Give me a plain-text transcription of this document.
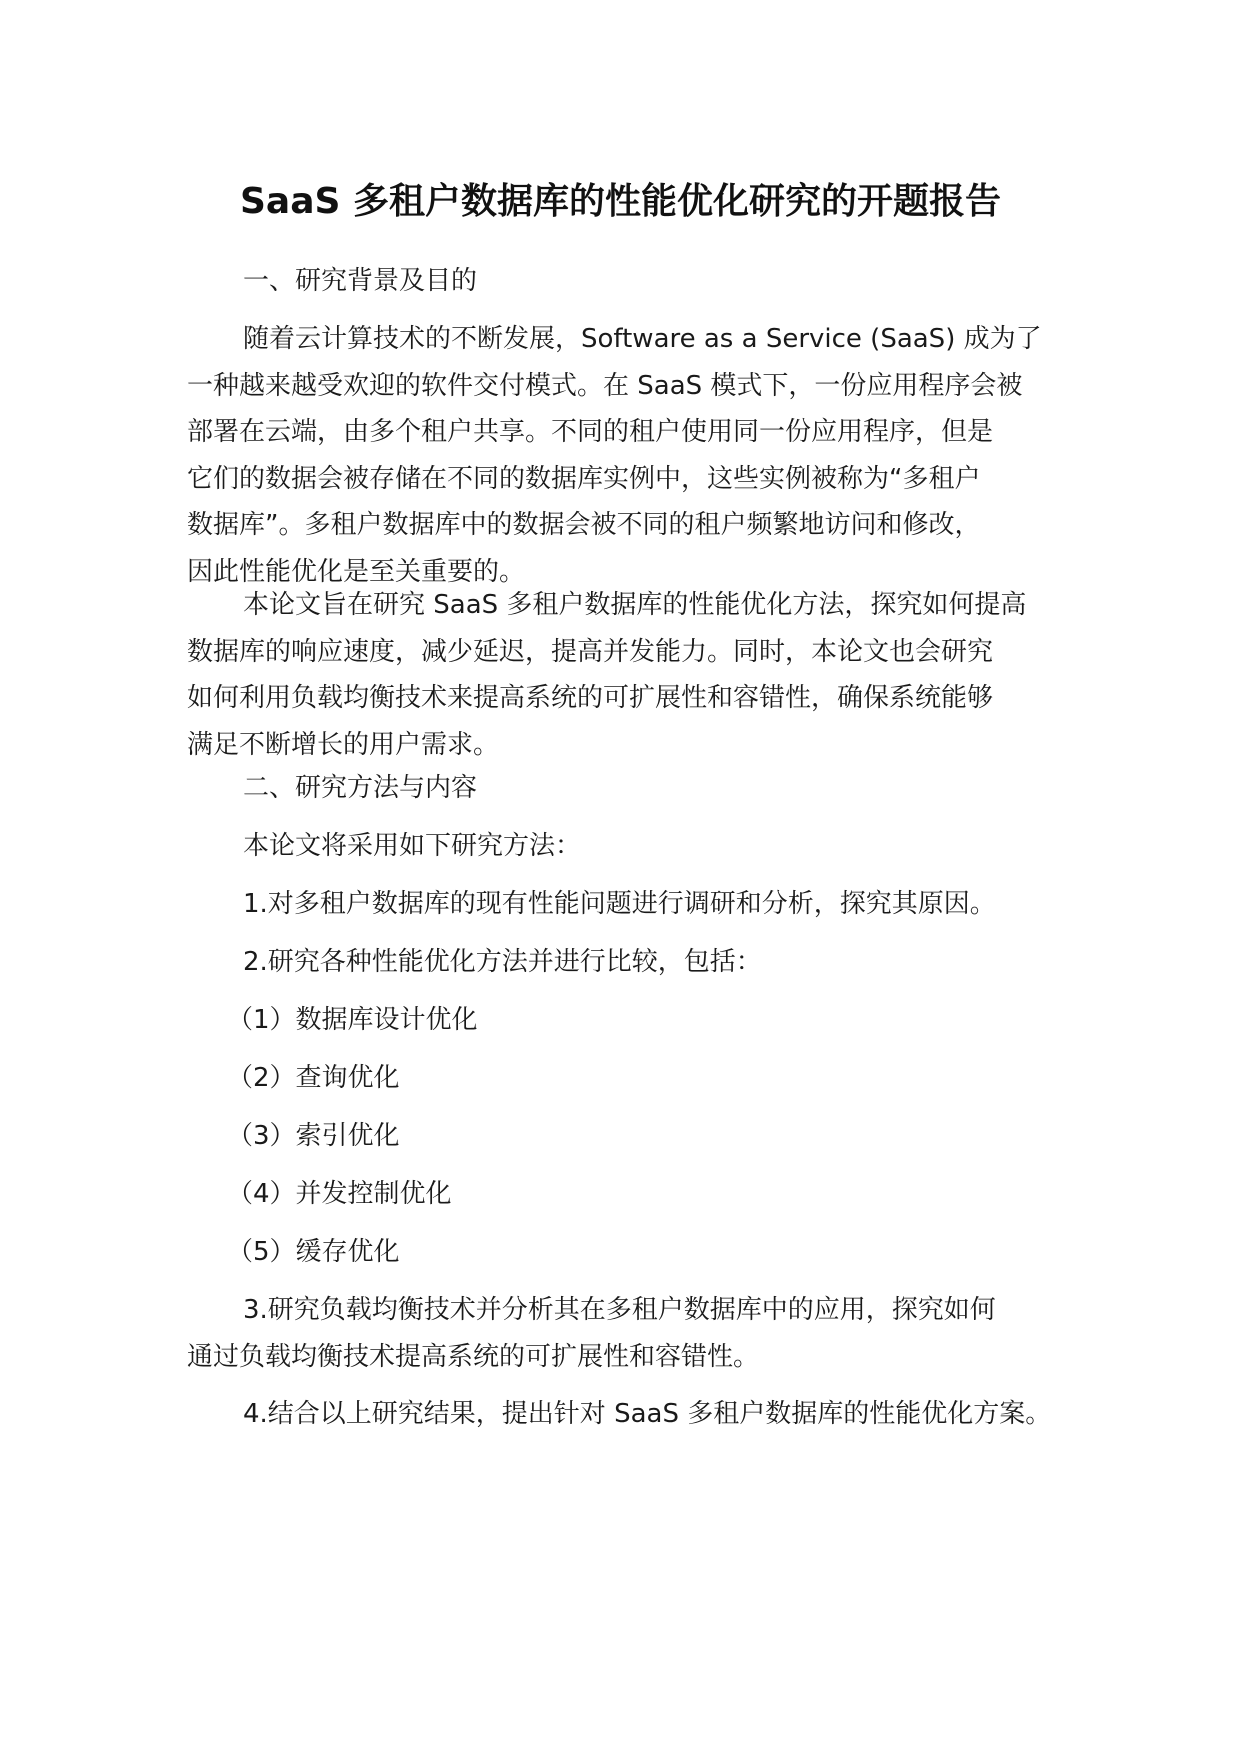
SaaS 多租户数据库的性能优化研究的开题报告

一、研究背景及目的

随着云计算技术的不断发展，Software as a Service (SaaS) 成为了
一种越来越受欢迎的软件交付模式。在 SaaS 模式下，一份应用程序会被
部署在云端，由多个租户共享。不同的租户使用同一份应用程序，但是
它们的数据会被存储在不同的数据库实例中，这些实例被称为“多租户
数据库”。多租户数据库中的数据会被不同的租户频繁地访问和修改，
因此性能优化是至关重要的。
本论文旨在研究 SaaS 多租户数据库的性能优化方法，探究如何提高
数据库的响应速度，减少延迟，提高并发能力。同时，本论文也会研究
如何利用负载均衡技术来提高系统的可扩展性和容错性，确保系统能够
满足不断增长的用户需求。

二、研究方法与内容

本论文将采用如下研究方法：

1.对多租户数据库的现有性能问题进行调研和分析，探究其原因。

2.研究各种性能优化方法并进行比较，包括：

（1）数据库设计优化

（2）查询优化

（3）索引优化

（4）并发控制优化

（5）缓存优化

3.研究负载均衡技术并分析其在多租户数据库中的应用，探究如何
通过负载均衡技术提高系统的可扩展性和容错性。

4.结合以上研究结果，提出针对 SaaS 多租户数据库的性能优化方案。
